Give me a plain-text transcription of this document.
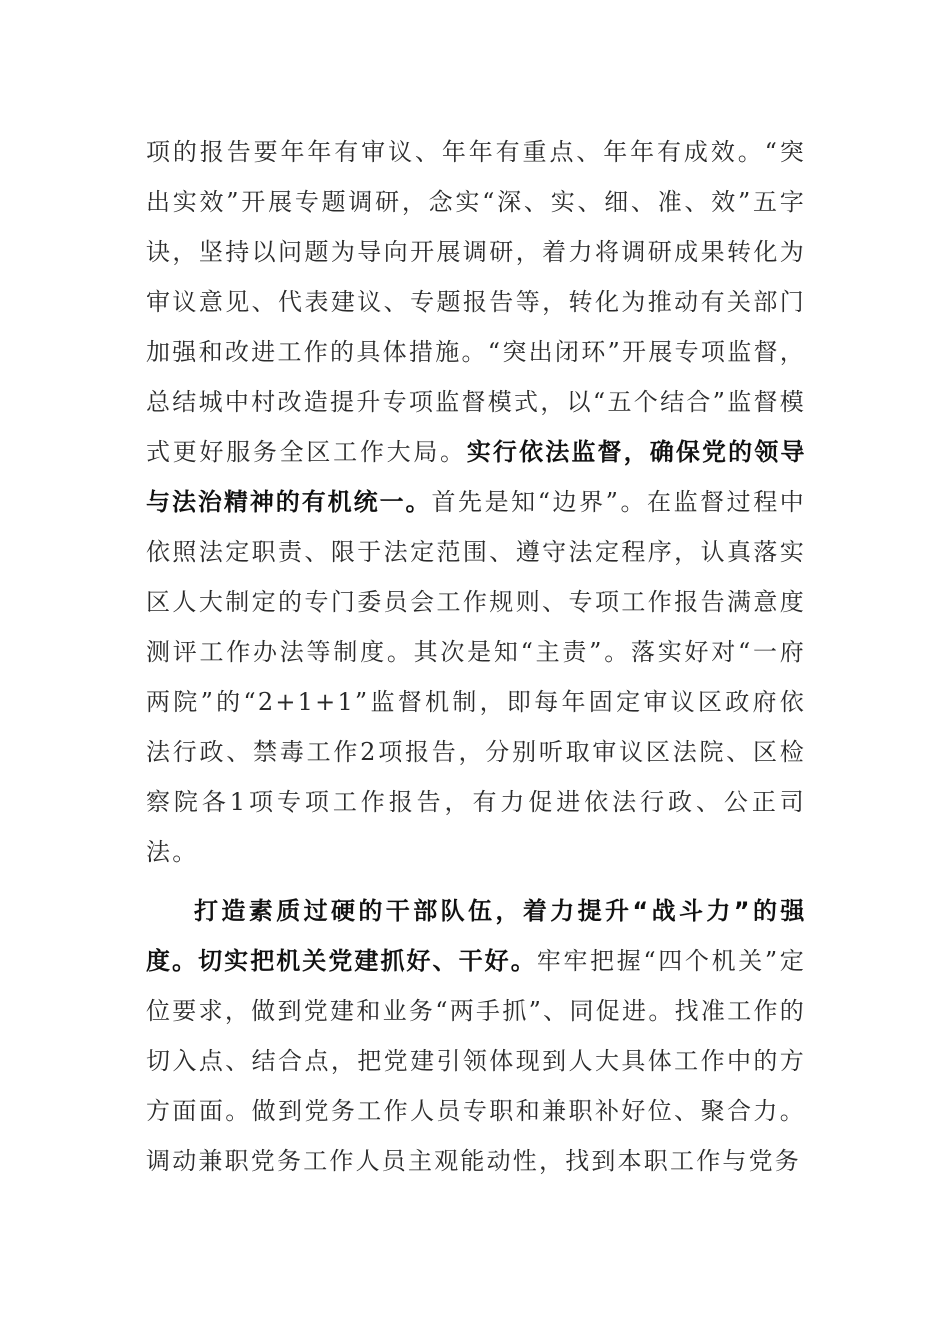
项的报告要年年有审议、年年有重点、年年有成效。“突出实效”开展专题调研，念实“深、实、细、准、效”五字诀，坚持以问题为导向开展调研，着力将调研成果转化为审议意见、代表建议、专题报告等，转化为推动有关部门加强和改进工作的具体措施。“突出闭环”开展专项监督，总结城中村改造提升专项监督模式，以“五个结合”监督模式更好服务全区工作大局。实行依法监督，确保党的领导与法治精神的有机统一。首先是知“边界”。在监督过程中依照法定职责、限于法定范围、遵守法定程序，认真落实区人大制定的专门委员会工作规则、专项工作报告满意度测评工作办法等制度。其次是知“主责”。落实好对“一府两院”的“2+1+1”监督机制，即每年固定审议区政府依法行政、禁毒工作2项报告，分别听取审议区法院、区检察院各1项专项工作报告，有力促进依法行政、公正司法。

打造素质过硬的干部队伍，着力提升“战斗力”的强度。切实把机关党建抓好、干好。牢牢把握“四个机关”定位要求，做到党建和业务“两手抓”、同促进。找准工作的切入点、结合点，把党建引领体现到人大具体工作中的方方面面。做到党务工作人员专职和兼职补好位、聚合力。调动兼职党务工作人员主观能动性，找到本职工作与党务
